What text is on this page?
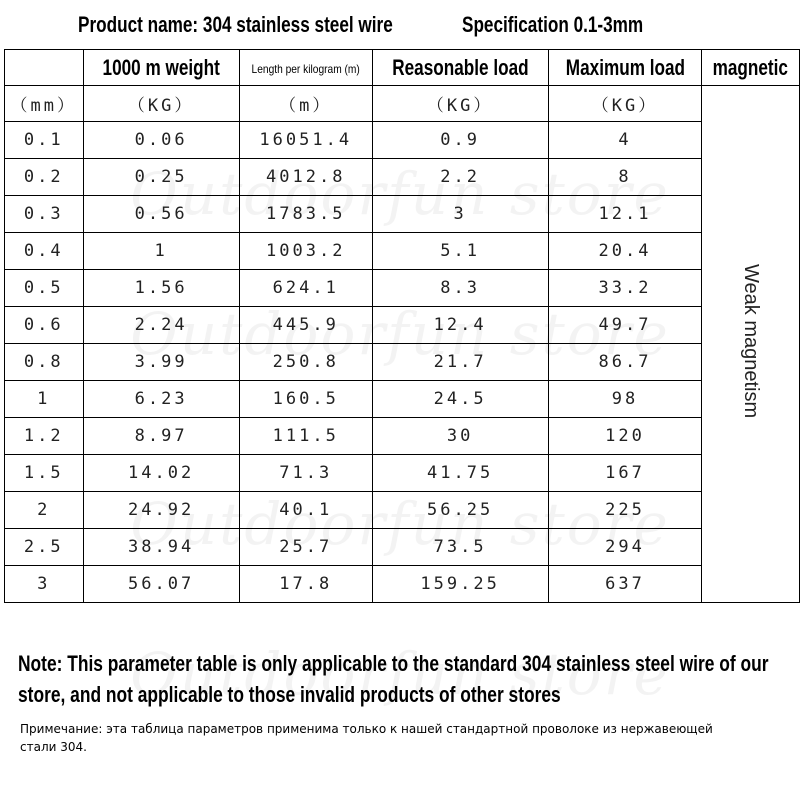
Product name: 304 stainless steel wire	Specification 0.1-3mm
	1000 m weight	Length per kilogram (m)	Reasonable load	Maximum load	magnetic
（mm）	（KG）	（m）	（KG）	（KG）	Weak magnetism
0.1	0.06	16051.4	0.9	4	
0.2	0.25	4012.8	2.2	8	
0.3	0.56	1783.5	3	12.1	
0.4	1	1003.2	5.1	20.4	
0.5	1.56	624.1	8.3	33.2	
0.6	2.24	445.9	12.4	49.7	
0.8	3.99	250.8	21.7	86.7	
1	6.23	160.5	24.5	98	
1.2	8.97	111.5	30	120	
1.5	14.02	71.3	41.75	167	
2	24.92	40.1	56.25	225	
2.5	38.94	25.7	73.5	294	
3	56.07	17.8	159.25	637	
Note: This parameter table is only applicable to the standard 304 stainless steel wire of our store, and not applicable to those invalid products of other stores
Примечание: эта таблица параметров применима только к нашей стандартной проволоке из нержавеющей стали 304.
